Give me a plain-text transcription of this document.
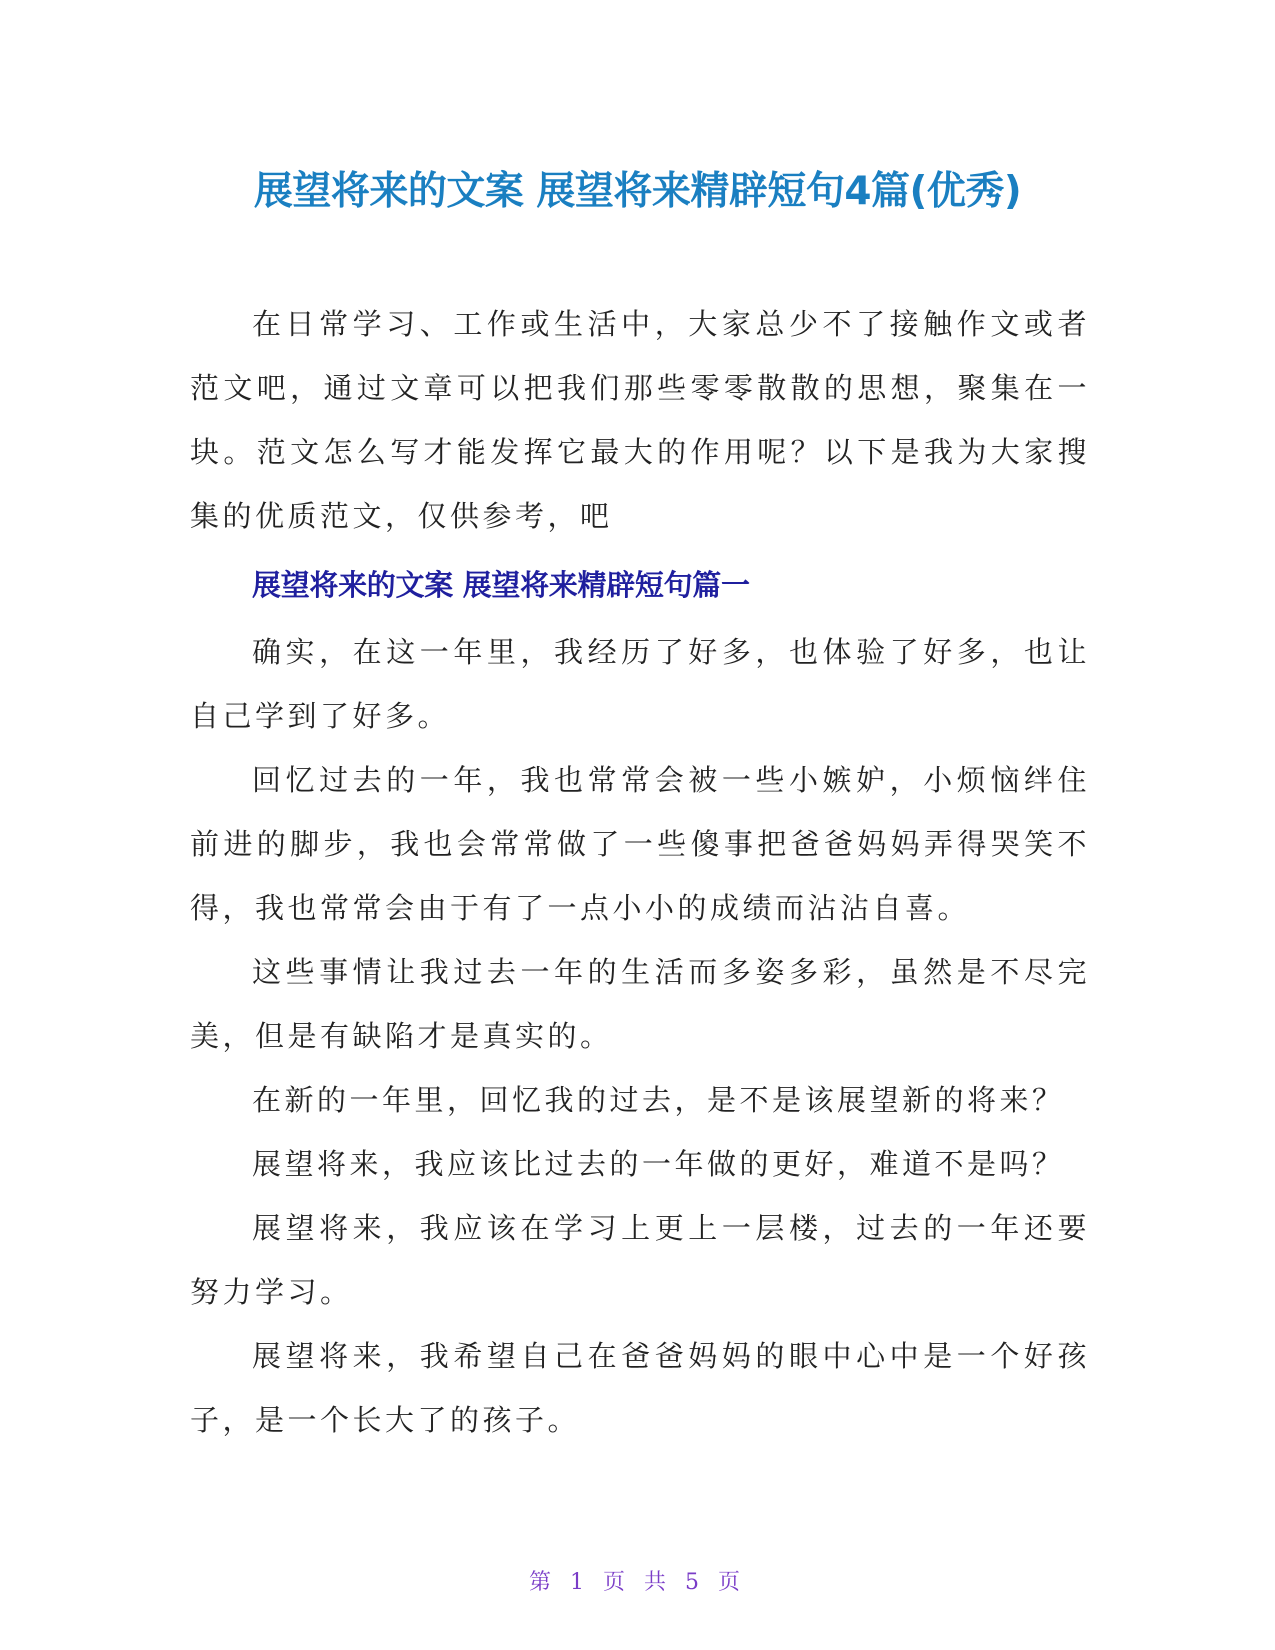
展望将来的文案 展望将来精辟短句4篇(优秀)

在日常学习、工作或生活中，大家总少不了接触作文或者范文吧，通过文章可以把我们那些零零散散的思想，聚集在一块。范文怎么写才能发挥它最大的作用呢？以下是我为大家搜集的优质范文，仅供参考，吧

展望将来的文案 展望将来精辟短句篇一

确实，在这一年里，我经历了好多，也体验了好多，也让自己学到了好多。

回忆过去的一年，我也常常会被一些小嫉妒，小烦恼绊住前进的脚步，我也会常常做了一些傻事把爸爸妈妈弄得哭笑不得，我也常常会由于有了一点小小的成绩而沾沾自喜。

这些事情让我过去一年的生活而多姿多彩，虽然是不尽完美，但是有缺陷才是真实的。

在新的一年里，回忆我的过去，是不是该展望新的将来？

展望将来，我应该比过去的一年做的更好，难道不是吗？

展望将来，我应该在学习上更上一层楼，过去的一年还要努力学习。

展望将来，我希望自己在爸爸妈妈的眼中心中是一个好孩子，是一个长大了的孩子。

第 1 页 共 5 页
